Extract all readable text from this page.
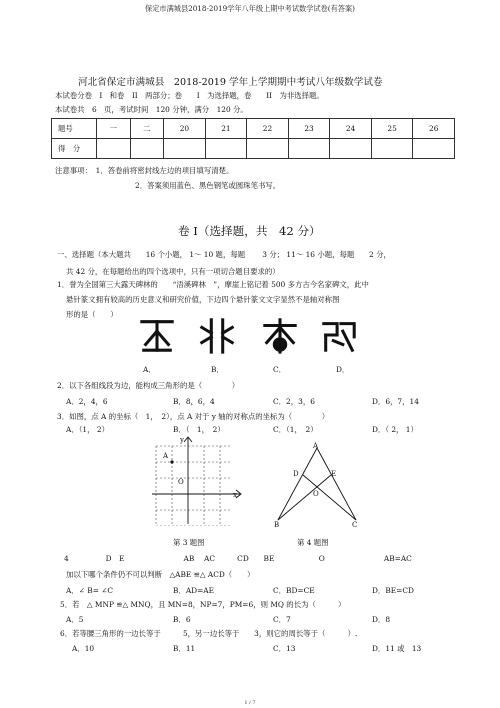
保定市满城县2018-2019学年八年级上期中考试数学试卷(有答案)
河北省保定市满城县　2018-2019 学年上学期期中考试八年级数学试卷
本试卷分卷　I　和卷　II　两部分；卷　　I　为选择题，卷　　II　为非选择题。
本试卷共　6　页，考试时间　120 分钟，满分　120 分。
题号	一	二	20	21	22	23	24	25	26
得　分									
注意事项：　1．答卷前将密封线左边的项目填写清楚。
2．答案须用蓝色、黑色钢笔或圆珠笔书写。
卷 I（选择题，共　42 分）
一、选择题（本大题共　　16 个小题， 1～ 10 题，每题　　 3 分； 11～ 16 小题，每题　　2 分，
共 42 分，在每题给出的四个选项中，只有一项切合题目要求的）
1．誉为全国第三大露天碑林的　　“浯溪碑林　”，摩崖上铭记着 500 多方古今名家碑文，此中
悬针篆文拥有较高的历史意义和研究价值，下边四个悬针篆文文字显然不是轴对称图
形的是（　　）
A．	B．	C．	D．
2．以下各组线段为边，能构成三角形的是（　　　　）
A．2，4，6	B．8，6，4	C．2，3，6	D．6，7，14
3．如图，点 A 的坐标（　1，　2），点 A 对于 y 轴的对称点的坐标为（　　　　）
A．（1， 2）	B．（　1，　2）	C．（1，　2）	D．（ 2， 1）
y
A
O
x
A
D	E
O
B	C
第 3 题图	第 4 题图
4　　　　　D　E　　　　　　　　AB　 AC　　　CD　　BE　　　　　　O　　　　　　　　AB=AC
加以下哪个条件仍不可以判断　△ABE ≌△ ACD（　　）
A．∠ B= ∠C	B．AD=AE	C．BD=CE	D．BE=CD
5．若　△ MNP ≌△ MNQ，且 MN=8，NP=7，PM=6，则 MQ 的长为（　　　）
A．5	B．6	C．7	D．8
6．若等腰三角形的一边长等于　　　5，另一边长等于　　3，则它的周长等于（　　　）.
A．10	B．11	C．13	D．11 或　13
1 / 7
